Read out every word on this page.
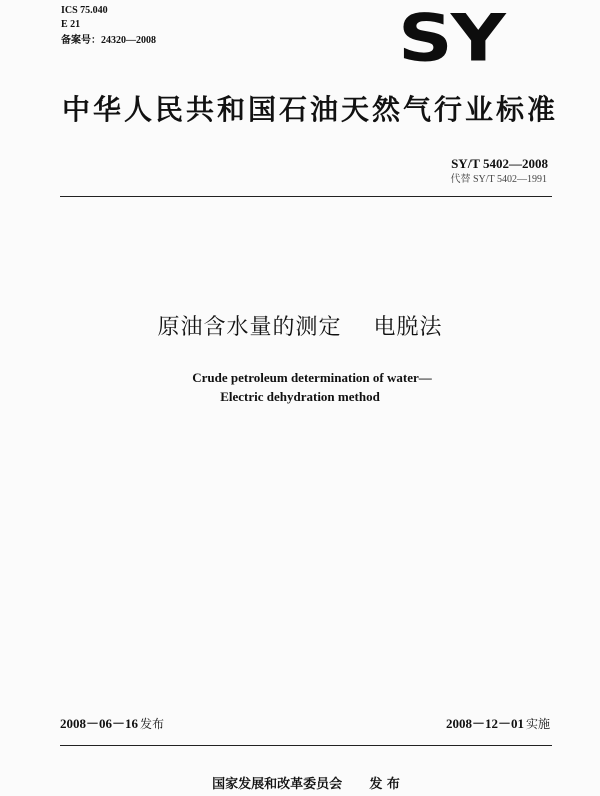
ICS 75.040
E 21
备案号：24320—2008	SY
中华人民共和国石油天然气行业标准
SY/T 5402—2008
代替 SY/T 5402—1991
原油含水量的测定    电脱法
Crude petroleum determination of water—
Electric dehydration method
2008－06－16 发布	2008－12－01 实施
国家发展和改革委员会 发 布
